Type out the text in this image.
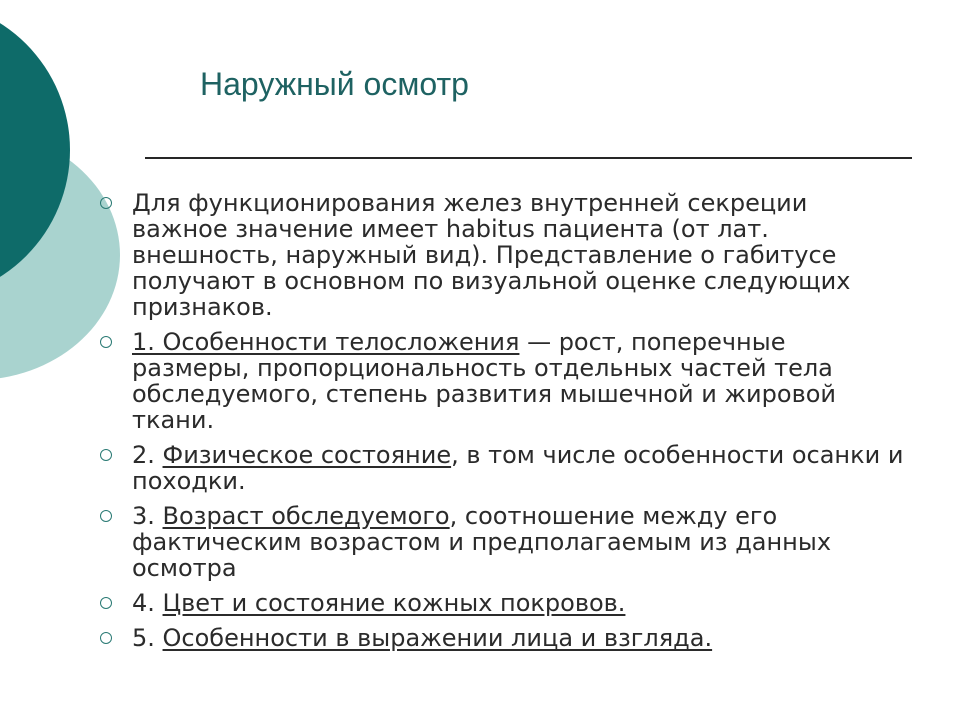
Наружный осмотр
Для функционирования желез внутренней секреции важное значение имеет habitus пациента (от лат. внешность, наружный вид). Представление о габитусе получают в основном по визуальной оценке следующих признаков.
1. Особенности телосложения — рост, поперечные размеры, пропорциональность отдельных частей тела обследуемого, степень развития мышечной и жировой ткани.
2. Физическое состояние, в том числе особенности осанки и походки.
3. Возраст обследуемого, соотношение между его фактическим возрастом и предполагаемым из данных осмотра
4. Цвет и состояние кожных покровов.
5. Особенности в выражении лица и взгляда.
